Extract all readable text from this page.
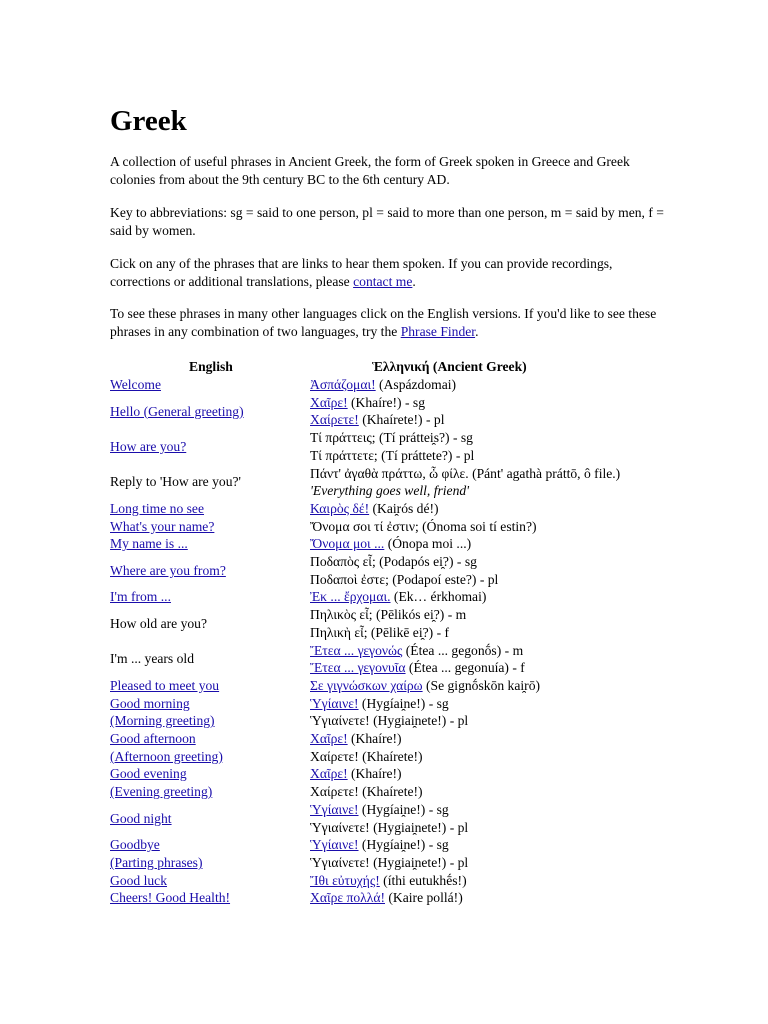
Greek

A collection of useful phrases in Ancient Greek, the form of Greek spoken in Greece and Greek colonies from about the 9th century BC to the 6th century AD.

Key to abbreviations: sg = said to one person, pl = said to more than one person, m = said by men, f = said by women.

Cick on any of the phrases that are links to hear them spoken. If you can provide recordings, corrections or additional translations, please contact me.

To see these phrases in many other languages click on the English versions. If you'd like to see these phrases in any combination of two languages, try the Phrase Finder.

English	Ἑλληνική (Ancient Greek)
Welcome	Ἀσπάζομαι! (Aspázdomai)

Hello (General greeting)	Χαῖρε! (Khaíre!) - sg
Χαίρετε! (Khaírete!) - pl

How are you?	Τί πράττεις; (Tí práttei̯s?) - sg
Τί πράττετε; (Tí práttete?) - pl

Reply to 'How are you?'	Πάντ' ἀγαθὰ πράττω, ὦ φίλε. (Pánt' agathà práttō, ô file.)
'Everything goes well, friend'

Long time no see	Καιρὸς δέ! (Kai̯rós dé!)

What's your name?	Ὄνομα σοι τί ἐστιν; (Ónoma soi tí estin?)

My name is ...	Ὄνομα μοι ... (Ónopa moi ...)

Where are you from?	Ποδαπὸς εἶ; (Podapós ei̯?) - sg
Ποδαποὶ ἐστε; (Podapoí este?) - pl

I'm from ...	Ἐκ ... ἔρχομαι. (Ek… érkhomai)

How old are you?	Πηλικὸς εἶ; (Pēlikós ei̯?) - m
Πηλικὴ εἶ; (Pēlikē ei̯?) - f

I'm ... years old	Ἔτεα ... γεγονώς (Étea ... gegonṓs) - m
Ἔτεα ... γεγονυῖα (Étea ... gegonuía) - f

Pleased to meet you	Σε γιγνώσκων χαίρω (Se gignṓskōn kai̯rō)

Good morning
(Morning greeting)	Ὑγίαινε! (Hygíai̯ne!) - sg
Ὑγιαίνετε! (Hygiai̯nete!) - pl

Good afternoon
(Afternoon greeting)	Χαῖρε! (Khaíre!)
Χαίρετε! (Khaírete!)

Good evening
(Evening greeting)	Χαῖρε! (Khaíre!)
Χαίρετε! (Khaírete!)

Good night	Ὑγίαινε! (Hygíai̯ne!) - sg
Ὑγιαίνετε! (Hygiai̯nete!) - pl

Goodbye
(Parting phrases)	Ὑγίαινε! (Hygíai̯ne!) - sg
Ὑγιαίνετε! (Hygiai̯nete!) - pl

Good luck	Ἴθι εὐτυχής! (íthi eutukhḗs!)

Cheers! Good Health!	Χαῖρε πολλά! (Kaire pollá!)
